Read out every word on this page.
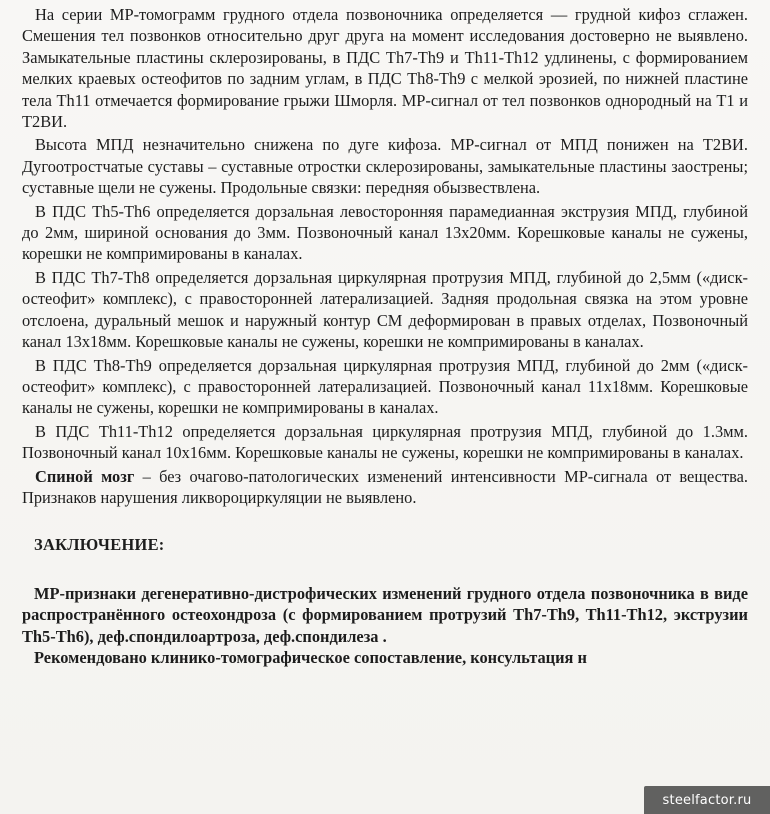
На серии МР-томограмм грудного отдела позвоночника определяется — грудной кифоз сглажен. Смешения тел позвонков относительно друг друга на момент исследования достоверно не выявлено. Замыкательные пластины склерозированы, в ПДС Th7-Th9 и Th11-Th12 удлинены, с формированием мелких краевых остеофитов по задним углам, в ПДС Th8-Th9 с мелкой эрозией, по нижней пластине тела Th11 отмечается формирование грыжи Шморля. МР-сигнал от тел позвонков однородный на Т1 и Т2ВИ.

Высота МПД незначительно снижена по дуге кифоза. МР-сигнал от МПД понижен на Т2ВИ. Дугоотростчатые суставы – суставные отростки склерозированы, замыкательные пластины заострены; суставные щели не сужены. Продольные связки: передняя обызвествлена.

В ПДС Th5-Th6 определяется дорзальная левосторонняя парамедианная экструзия МПД, глубиной до 2мм, шириной основания до 3мм. Позвоночный канал 13х20мм. Корешковые каналы не сужены, корешки не компримированы в каналах.

В ПДС Th7-Th8 определяется дорзальная циркулярная протрузия МПД, глубиной до 2,5мм («диск-остеофит» комплекс), с правосторонней латерализацией. Задняя продольная связка на этом уровне отслоена, дуральный мешок и наружный контур СМ деформирован в правых отделах, Позвоночный канал 13х18мм. Корешковые каналы не сужены, корешки не компримированы в каналах.

В ПДС Th8-Th9 определяется дорзальная циркулярная протрузия МПД, глубиной до 2мм («диск-остеофит» комплекс), с правосторонней латерализацией. Позвоночный канал 11х18мм. Корешковые каналы не сужены, корешки не компримированы в каналах.

В ПДС Th11-Th12 определяется дорзальная циркулярная протрузия МПД, глубиной до 1.3мм. Позвоночный канал 10х16мм. Корешковые каналы не сужены, корешки не компримированы в каналах.

Спиной мозг – без очагово-патологических изменений интенсивности МР-сигнала от вещества. Признаков нарушения ликвороциркуляции не выявлено.

ЗАКЛЮЧЕНИЕ:

МР-признаки дегенеративно-дистрофических изменений грудного отдела позвоночника в виде распространённого остеохондроза (с формированием протрузий Th7-Th9, Th11-Th12, экструзии Th5-Th6), деф.спондилоартроза, деф.спондилеза .

Рекомендовано клинико-томографическое сопоставление, консультация н

steelfactor.ru
